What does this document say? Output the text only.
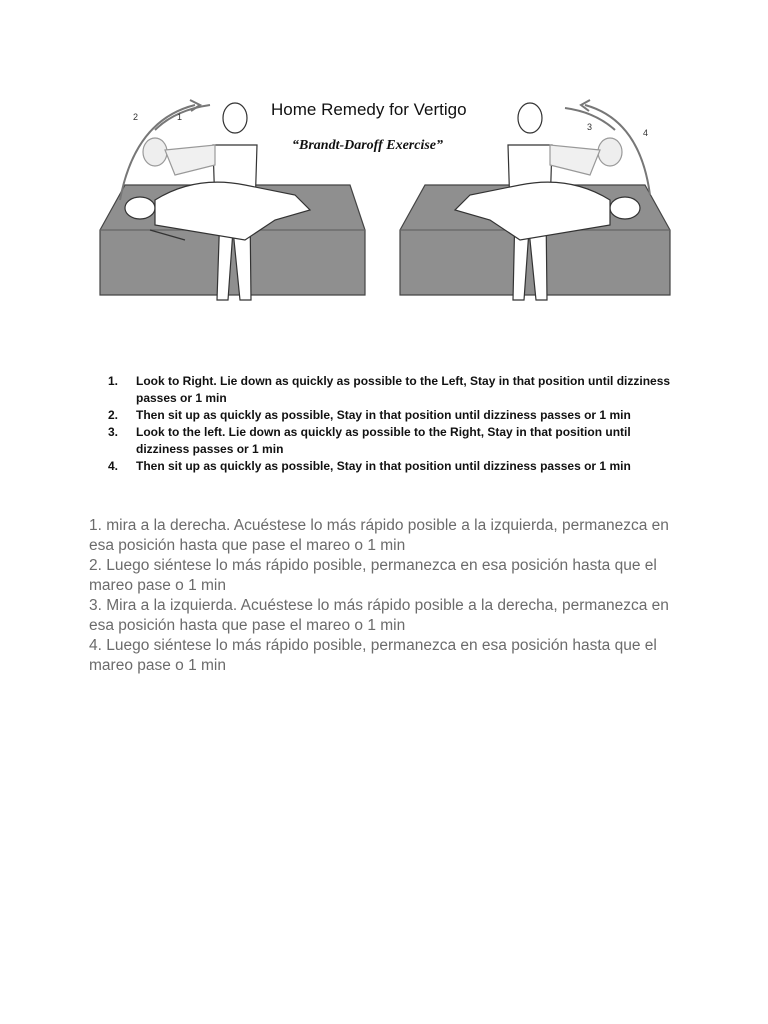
2	1
3
4
Home Remedy for Vertigo
“Brandt-Daroff Exercise”
1.	Look to Right. Lie down as quickly as possible to the Left, Stay in that position until dizziness passes or 1 min
2.	Then sit up as quickly as possible, Stay in that position until dizziness passes or 1 min
3.	Look to the left. Lie down as quickly as possible to the Right, Stay in that position until dizziness passes or 1 min
4.	Then sit up as quickly as possible, Stay in that position until dizziness passes or 1 min

1. mira a la derecha. Acuéstese lo más rápido posible a la izquierda, permanezca en esa posición hasta que pase el mareo o 1 min

2. Luego siéntese lo más rápido posible, permanezca en esa posición hasta que el mareo pase o 1 min

3. Mira a la izquierda. Acuéstese lo más rápido posible a la derecha, permanezca en esa posición hasta que pase el mareo o 1 min

4. Luego siéntese lo más rápido posible, permanezca en esa posición hasta que el mareo pase o 1 min
